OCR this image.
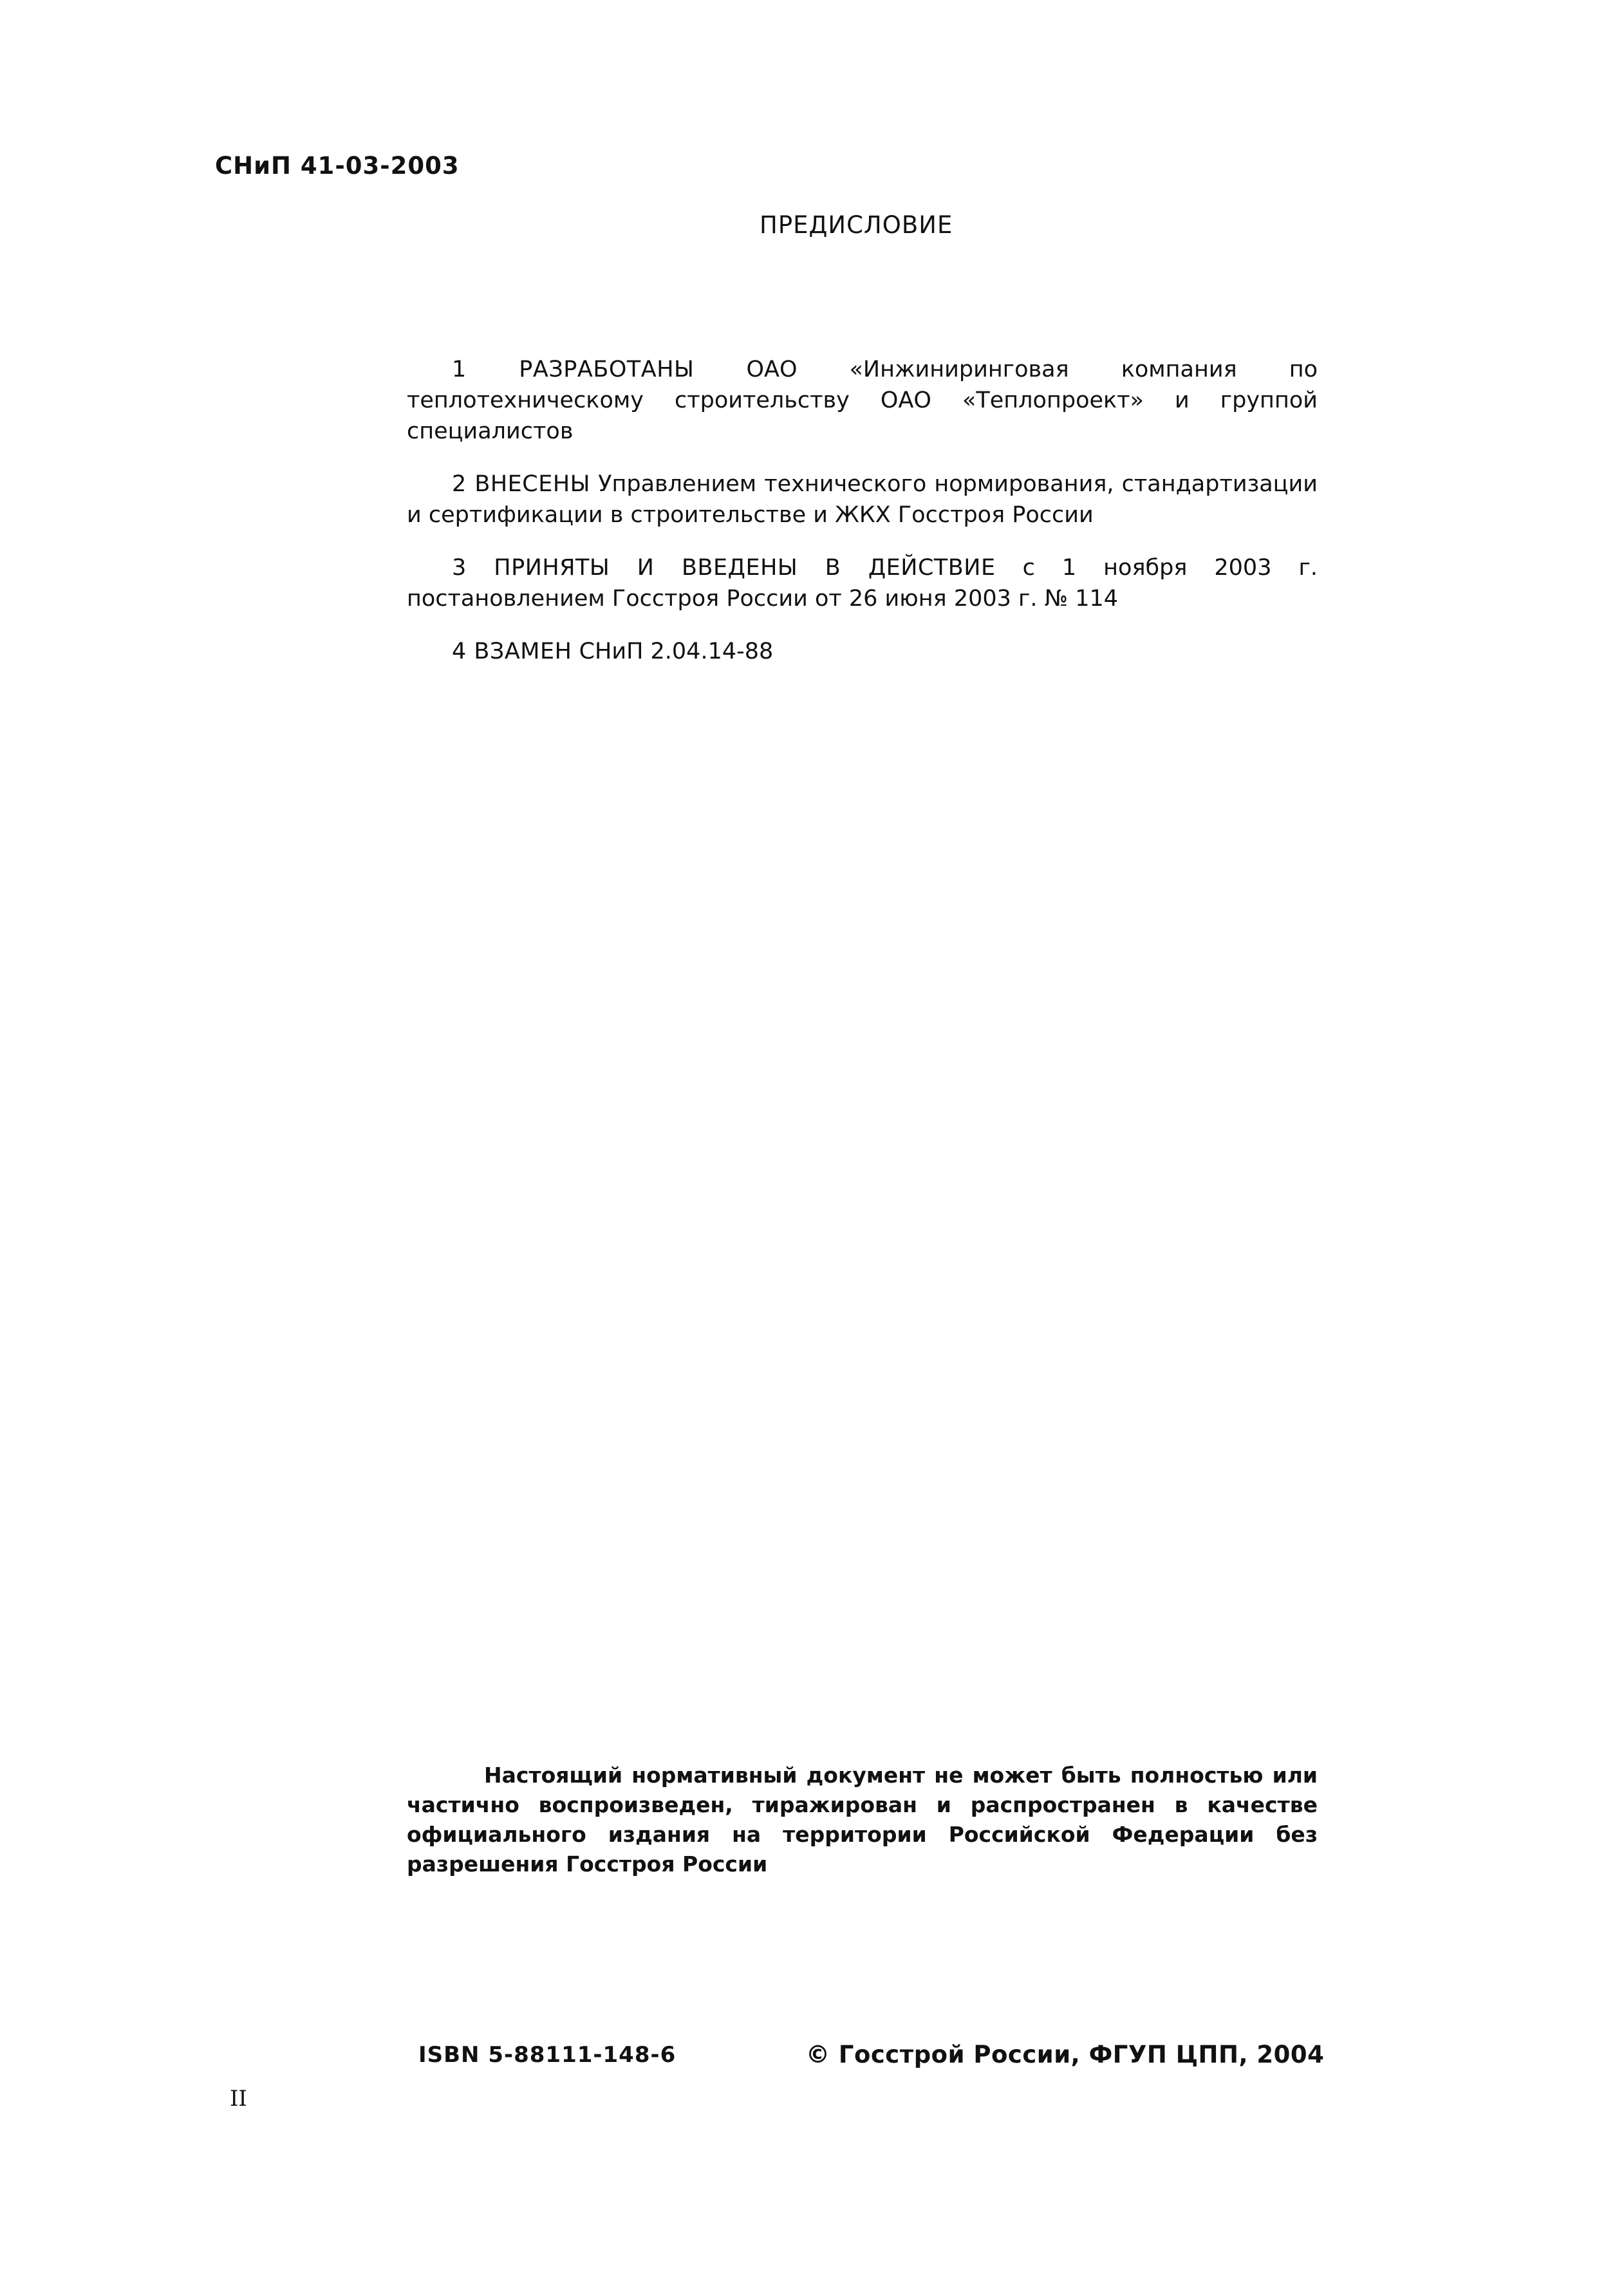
СНиП 41-03-2003
ПРЕДИСЛОВИЕ

1 РАЗРАБОТАНЫ ОАО «Инжиниринговая компания по теплотехническому строительству ОАО «Теплопроект» и группой специалистов

2 ВНЕСЕНЫ Управлением технического нормирования, стандартизации и сертификации в строительстве и ЖКХ Госстроя России

3 ПРИНЯТЫ И ВВЕДЕНЫ В ДЕЙСТВИЕ с 1 ноября 2003 г. постановлением Госстроя России от 26 июня 2003 г. № 114

4 ВЗАМЕН СНиП 2.04.14-88

Настоящий нормативный документ не может быть полностью или частично воспроизведен, тиражирован и распространен в качестве официального издания на территории Российской Федерации без разрешения Госстроя России

ISBN 5-88111-148-6	© Госстрой России, ФГУП ЦПП, 2004
II
